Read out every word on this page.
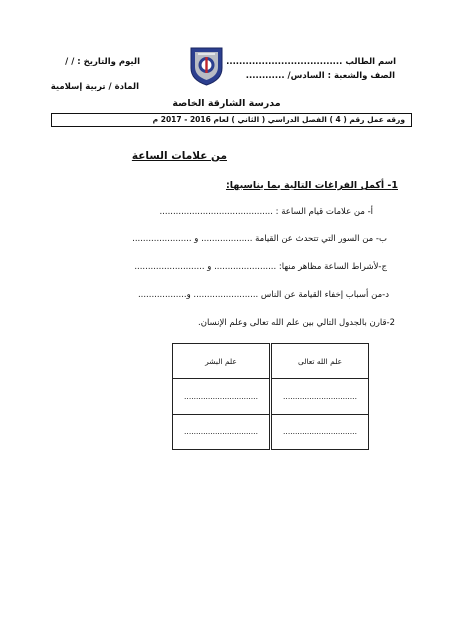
اسم الطالب ....................................
الصف والشعبة : السادس/ ............
اليوم والتاريخ : / /
المادة / تربية إسلامية
مدرسة الشارقة الخاصة
ورقه عمل رقم ( 4 ) الفصل الدراسي ( الثاني ) لعام 2016 - 2017 م
من علامات الساعة
1- أكمل الفراغات التالية بما يناسبها:
أ- من علامات قيام الساعة : ..........................................
ب- من السور التي تتحدث عن القيامة ................... و ......................
ج-لأشراط الساعة مظاهر منها: ....................... و ..........................
د-من أسباب إخفاء القيامة عن الناس ........................ و..................
2-قارن بالجدول التالي بين علم الله تعالى وعلم الإنسان.
علم الله تعالى	علم البشر
...............................	...............................
...............................	...............................
